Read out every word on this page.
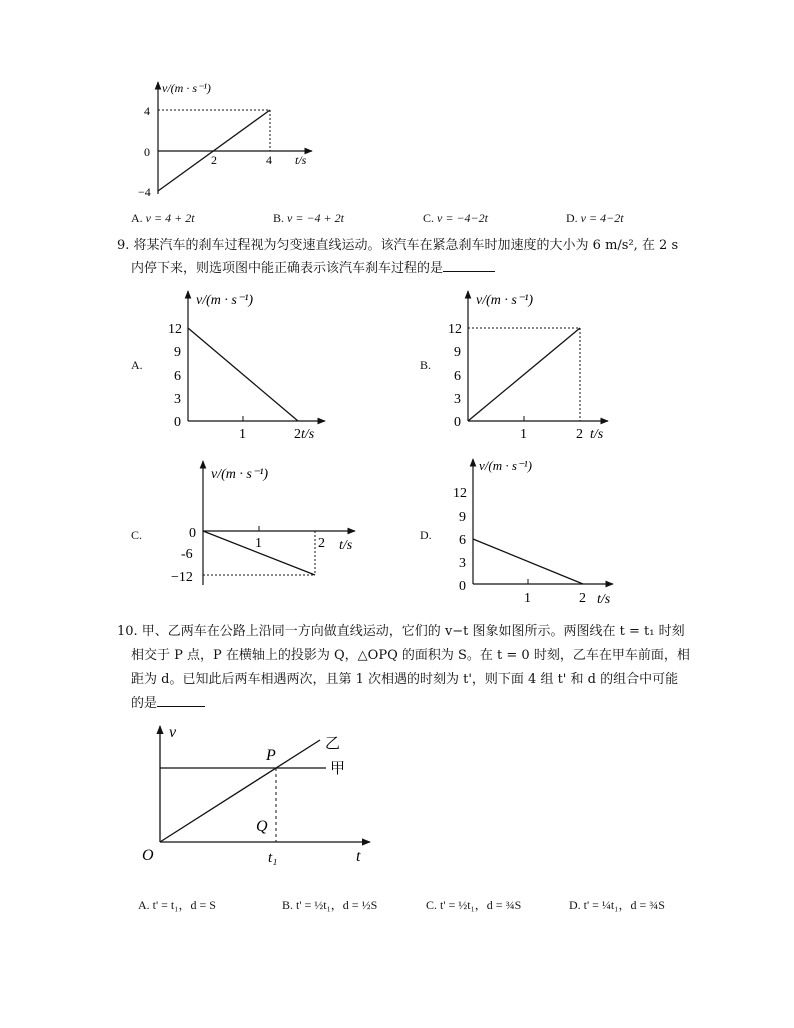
v/(m · s⁻¹)
t/s
4
0
−4
2	4
A. v = 4 + 2t	B. v = −4 + 2t	C. v = −4−2t	D. v = 4−2t
9. 将某汽车的刹车过程视为匀变速直线运动。该汽车在紧急刹车时加速度的大小为 6 m/s², 在 2 s
内停下来，则选项图中能正确表示该汽车刹车过程的是
A.
v/(m · s⁻¹)
t/s
12
9
6
3
0
1	2
B.
v/(m · s⁻¹)
t/s
12
9
6
3
0
1	2
C.
v/(m · s⁻¹)
t/s
0
-6
−12
1	2
D.
v/(m · s⁻¹)
t/s
12
9
6
3
0
1	2
10. 甲、乙两车在公路上沿同一方向做直线运动，它们的 v−t 图象如图所示。两图线在 t = t₁ 时刻
相交于 P 点，P 在横轴上的投影为 Q，△OPQ 的面积为 S。在 t = 0 时刻，乙车在甲车前面，相
距为 d。已知此后两车相遇两次，且第 1 次相遇的时刻为 t'，则下面 4 组 t' 和 d 的组合中可能
的是
v
t
O
P
Q
t₁
甲
乙
A. t' = t₁，d = S	B. t' = ½t₁，d = ½S	C. t' = ½t₁，d = ¾S	D. t' = ¼t₁，d = ¾S
